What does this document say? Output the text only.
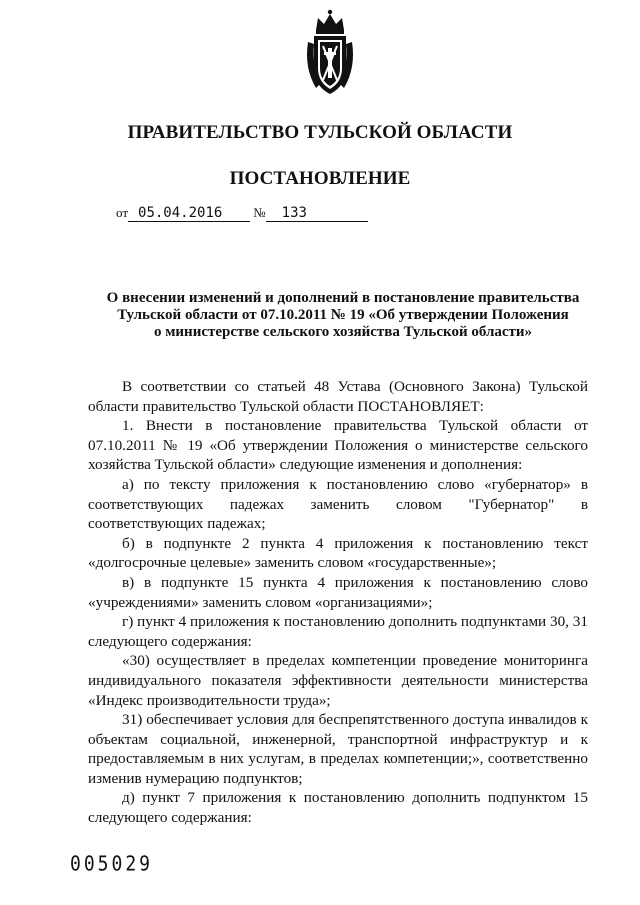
ПРАВИТЕЛЬСТВО ТУЛЬСКОЙ ОБЛАСТИ
ПОСТАНОВЛЕНИЕ
от 05.04.2016 № 133
О внесении изменений и дополнений в постановление правительства
Тульской области от 07.10.2011 № 19 «Об утверждении Положения
о министерстве сельского хозяйства Тульской области»

В соответствии со статьей 48 Устава (Основного Закона) Тульской области правительство Тульской области ПОСТАНОВЛЯЕТ:

1. Внести в постановление правительства Тульской области от 07.10.2011 № 19 «Об утверждении Положения о министерстве сельского хозяйства Тульской области» следующие изменения и дополнения:

а) по тексту приложения к постановлению слово «губернатор» в соответствующих падежах заменить словом "Губернатор" в соответствующих падежах;

б) в подпункте 2 пункта 4 приложения к постановлению текст «долгосрочные целевые» заменить словом «государственные»;

в) в подпункте 15 пункта 4 приложения к постановлению слово «учреждениями» заменить словом «организациями»;

г) пункт 4 приложения к постановлению дополнить подпунктами 30, 31 следующего содержания:

«30) осуществляет в пределах компетенции проведение мониторинга индивидуального показателя эффективности деятельности министерства «Индекс производительности труда»;

31) обеспечивает условия для беспрепятственного доступа инвалидов к объектам социальной, инженерной, транспортной инфраструктур и к предоставляемым в них услугам, в пределах компетенции;», соответственно изменив нумерацию подпунктов;

д) пункт 7 приложения к постановлению дополнить подпунктом 15 следующего содержания:

005029
